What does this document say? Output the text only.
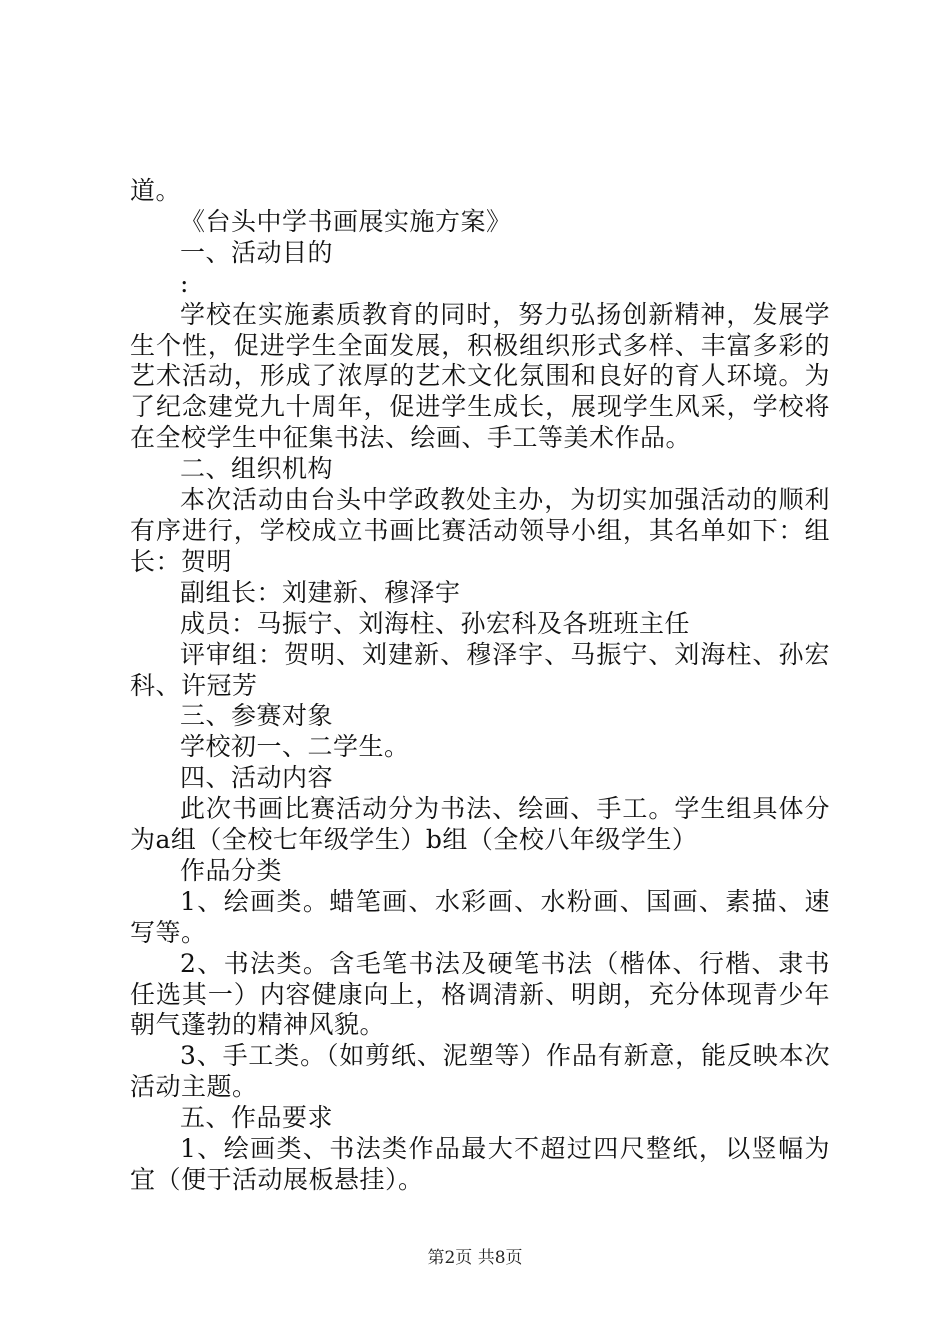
道。

《台头中学书画展实施方案》

一、活动目的

:

学校在实施素质教育的同时，努力弘扬创新精神，发展学生个性，促进学生全面发展，积极组织形式多样、丰富多彩的艺术活动，形成了浓厚的艺术文化氛围和良好的育人环境。为了纪念建党九十周年，促进学生成长，展现学生风采，学校将在全校学生中征集书法、绘画、手工等美术作品。

二、组织机构

本次活动由台头中学政教处主办，为切实加强活动的顺利有序进行，学校成立书画比赛活动领导小组，其名单如下：组长：贺明

副组长：刘建新、穆泽宇

成员：马振宁、刘海柱、孙宏科及各班班主任

评审组：贺明、刘建新、穆泽宇、马振宁、刘海柱、孙宏科、许冠芳

三、参赛对象

学校初一、二学生。

四、活动内容

此次书画比赛活动分为书法、绘画、手工。学生组具体分为a组（全校七年级学生）b组（全校八年级学生）

作品分类

1、绘画类。蜡笔画、水彩画、水粉画、国画、素描、速写等。

2、书法类。含毛笔书法及硬笔书法（楷体、行楷、隶书任选其一）内容健康向上，格调清新、明朗，充分体现青少年朝气蓬勃的精神风貌。

3、手工类。（如剪纸、泥塑等）作品有新意，能反映本次活动主题。

五、作品要求

1、绘画类、书法类作品最大不超过四尺整纸，以竖幅为宜（便于活动展板悬挂）。

第2页 共8页
